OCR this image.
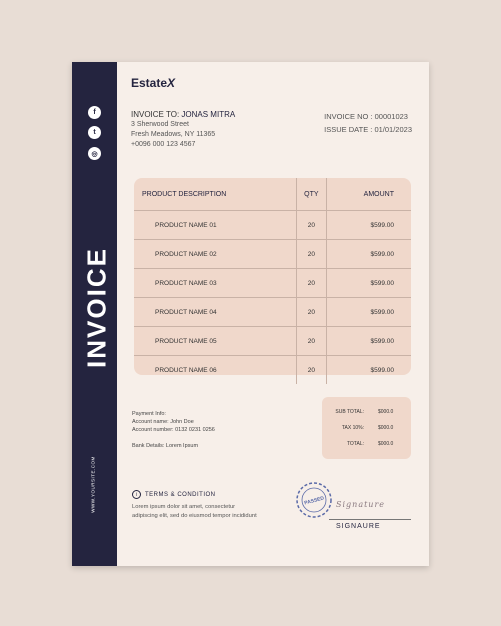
f
t
◎
INVOICE
WWW.YOURSITE.COM
EstateX
INVOICE TO: JONAS MITRA
3 Sherwood Street
Fresh Meadows, NY 11365
+0096 000 123 4567
INVOICE NO : 00001023
ISSUE DATE : 01/01/2023
PRODUCT DESCRIPTION	QTY	AMOUNT
PRODUCT NAME 01	20	$599.00
PRODUCT NAME 02	20	$599.00
PRODUCT NAME 03	20	$599.00
PRODUCT NAME 04	20	$599.00
PRODUCT NAME 05	20	$599.00
PRODUCT NAME 06	20	$599.00
Payment Info:
Account name: John Doe
Account number: 0132 0231 0256
Bank Details: Lorem Ipsum
SUB TOTAL:	$000.0
TAX 10%:	$000.0
TOTAL:	$000.0
i	TERMS & CONDITION
Lorem ipsum dolor sit amet, consectetur adipiscing elit, sed do eiusmod tempor incididunt
PASSED Signature
SIGNAURE
